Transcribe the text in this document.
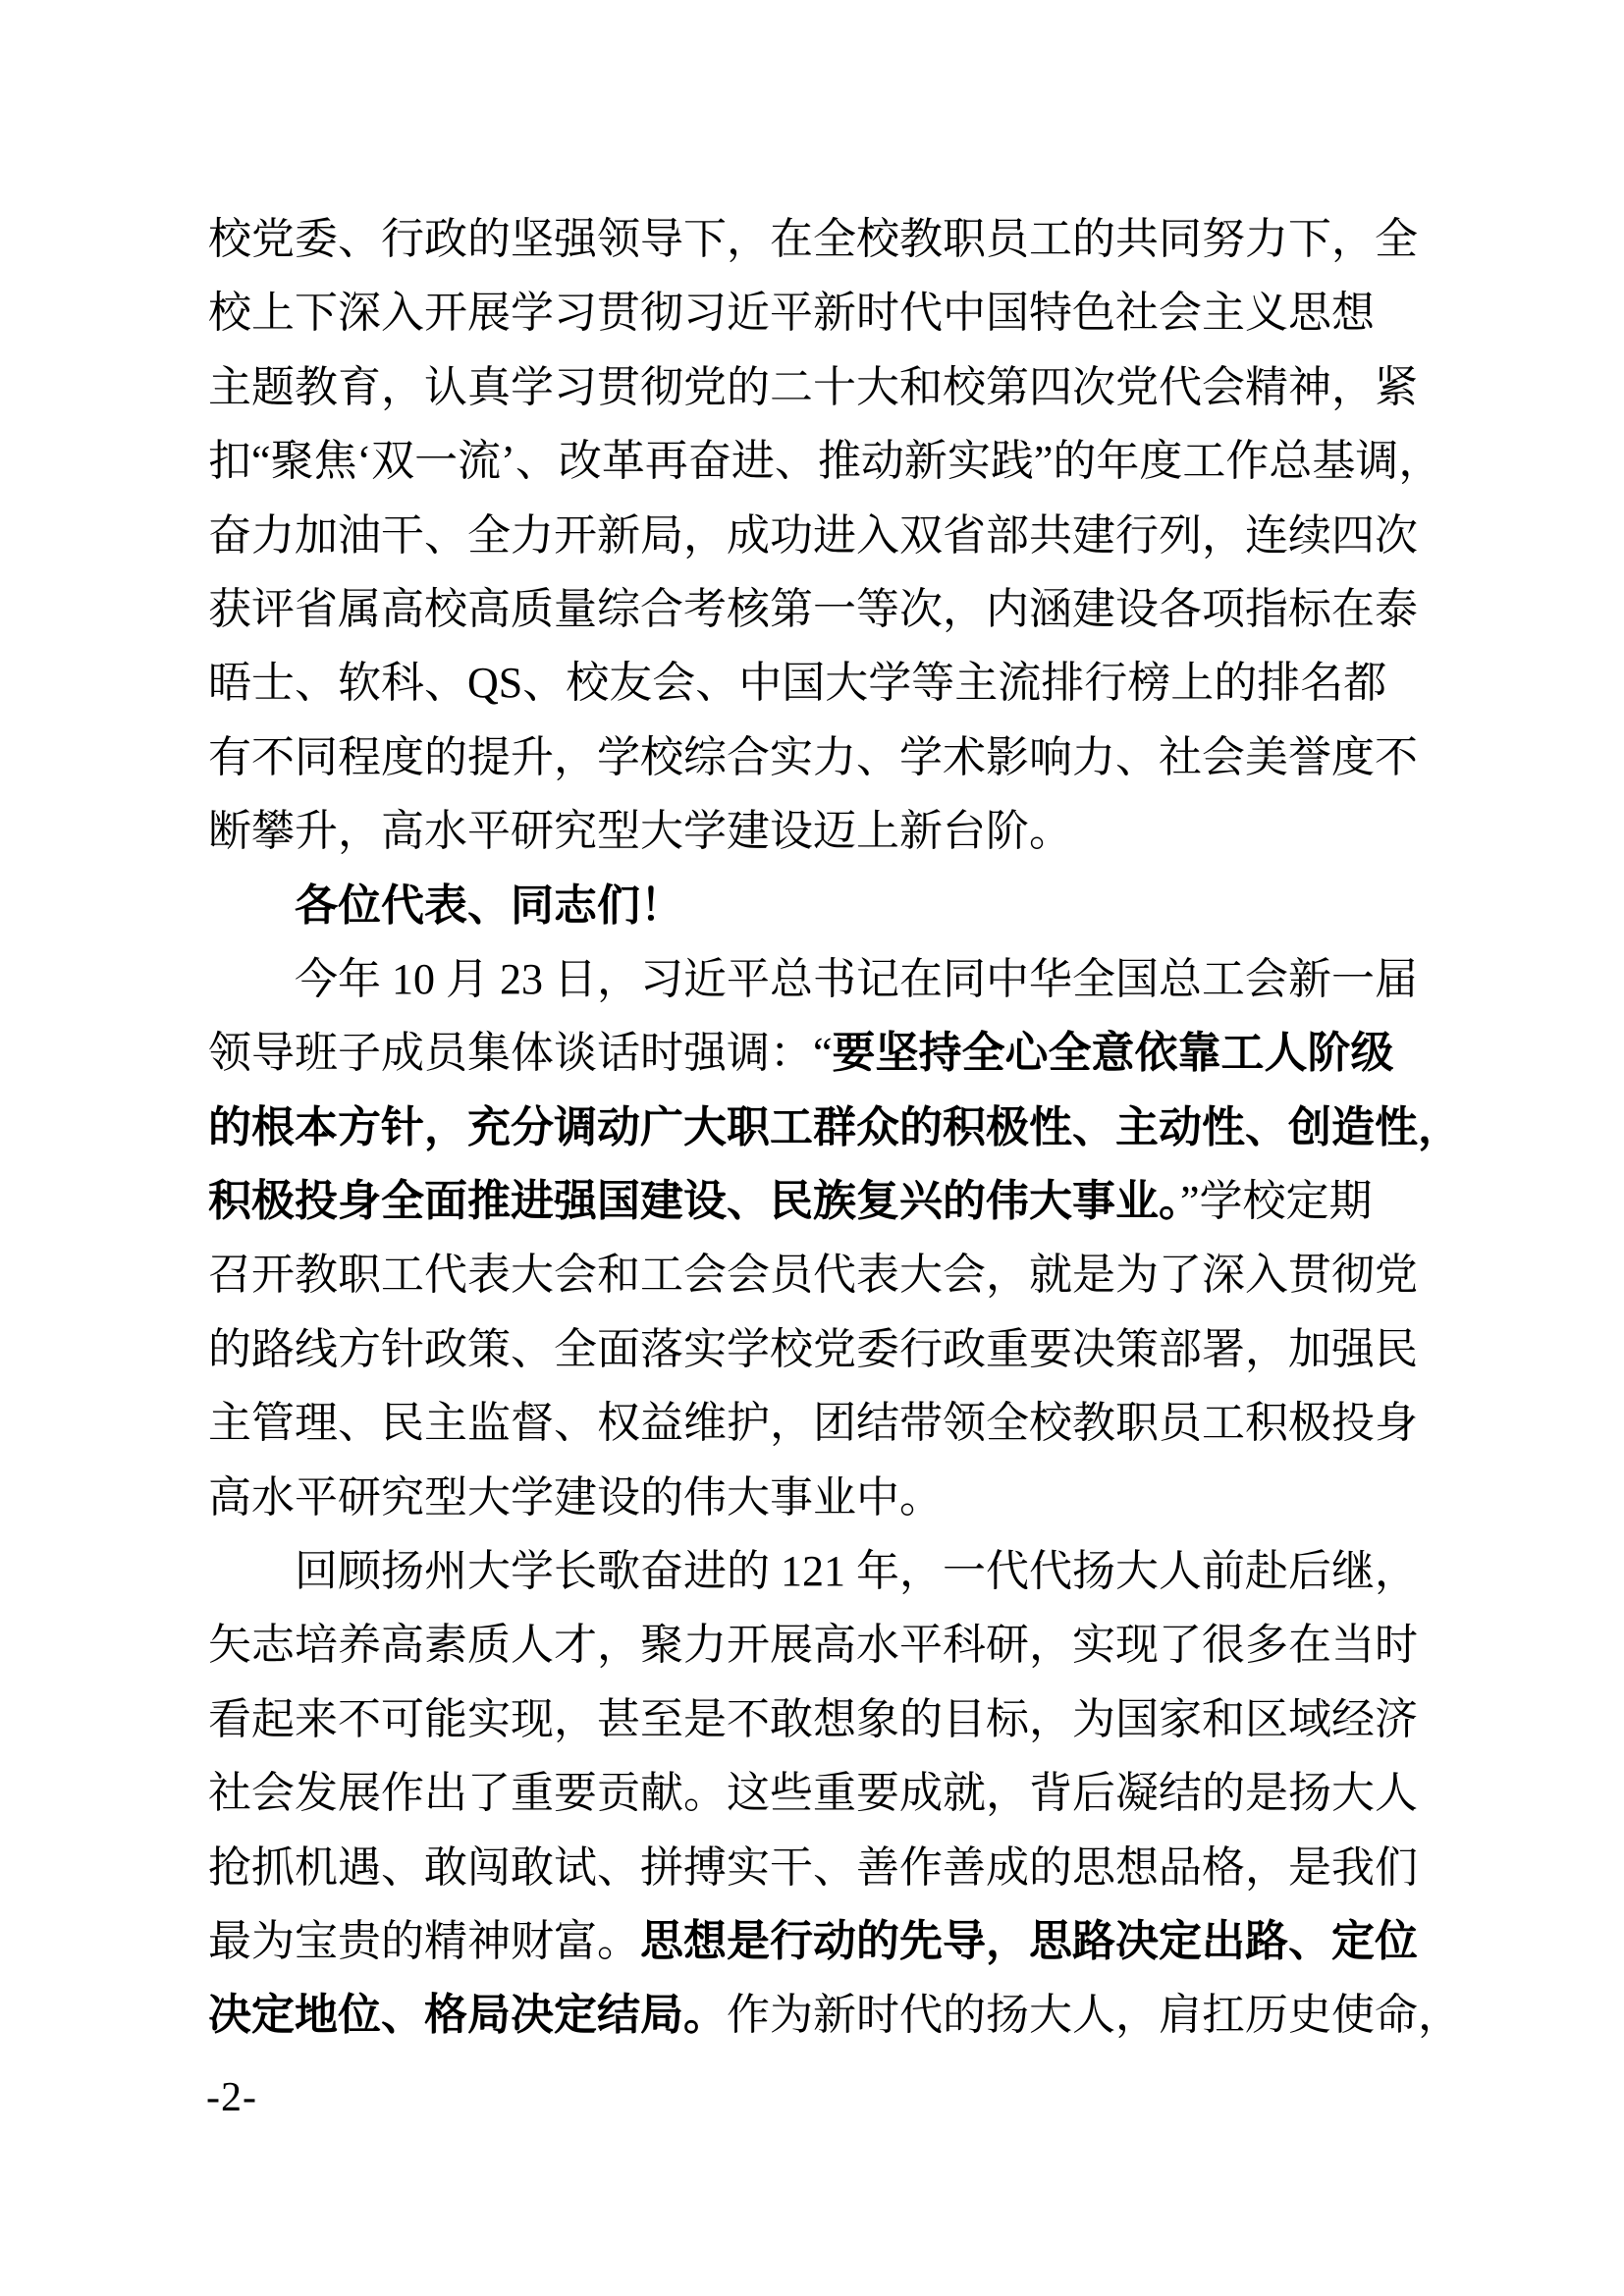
校党委、行政的坚强领导下，在全校教职员工的共同努力下，全
校上下深入开展学习贯彻习近平新时代中国特色社会主义思想
主题教育，认真学习贯彻党的二十大和校第四次党代会精神，紧
扣“聚焦‘双一流’、改革再奋进、推动新实践”的年度工作总基调，
奋力加油干、全力开新局，成功进入双省部共建行列，连续四次
获评省属高校高质量综合考核第一等次，内涵建设各项指标在泰
晤士、软科、QS、校友会、中国大学等主流排行榜上的排名都
有不同程度的提升，学校综合实力、学术影响力、社会美誉度不
断攀升，高水平研究型大学建设迈上新台阶。
各位代表、同志们！
今年 10 月 23 日，习近平总书记在同中华全国总工会新一届
领导班子成员集体谈话时强调：“要坚持全心全意依靠工人阶级
的根本方针，充分调动广大职工群众的积极性、主动性、创造性，
积极投身全面推进强国建设、民族复兴的伟大事业。”学校定期
召开教职工代表大会和工会会员代表大会，就是为了深入贯彻党
的路线方针政策、全面落实学校党委行政重要决策部署，加强民
主管理、民主监督、权益维护，团结带领全校教职员工积极投身
高水平研究型大学建设的伟大事业中。
回顾扬州大学长歌奋进的 121 年，一代代扬大人前赴后继，
矢志培养高素质人才，聚力开展高水平科研，实现了很多在当时
看起来不可能实现，甚至是不敢想象的目标，为国家和区域经济
社会发展作出了重要贡献。这些重要成就，背后凝结的是扬大人
抢抓机遇、敢闯敢试、拼搏实干、善作善成的思想品格，是我们
最为宝贵的精神财富。思想是行动的先导，思路决定出路、定位
决定地位、格局决定结局。作为新时代的扬大人，肩扛历史使命，
-2-
